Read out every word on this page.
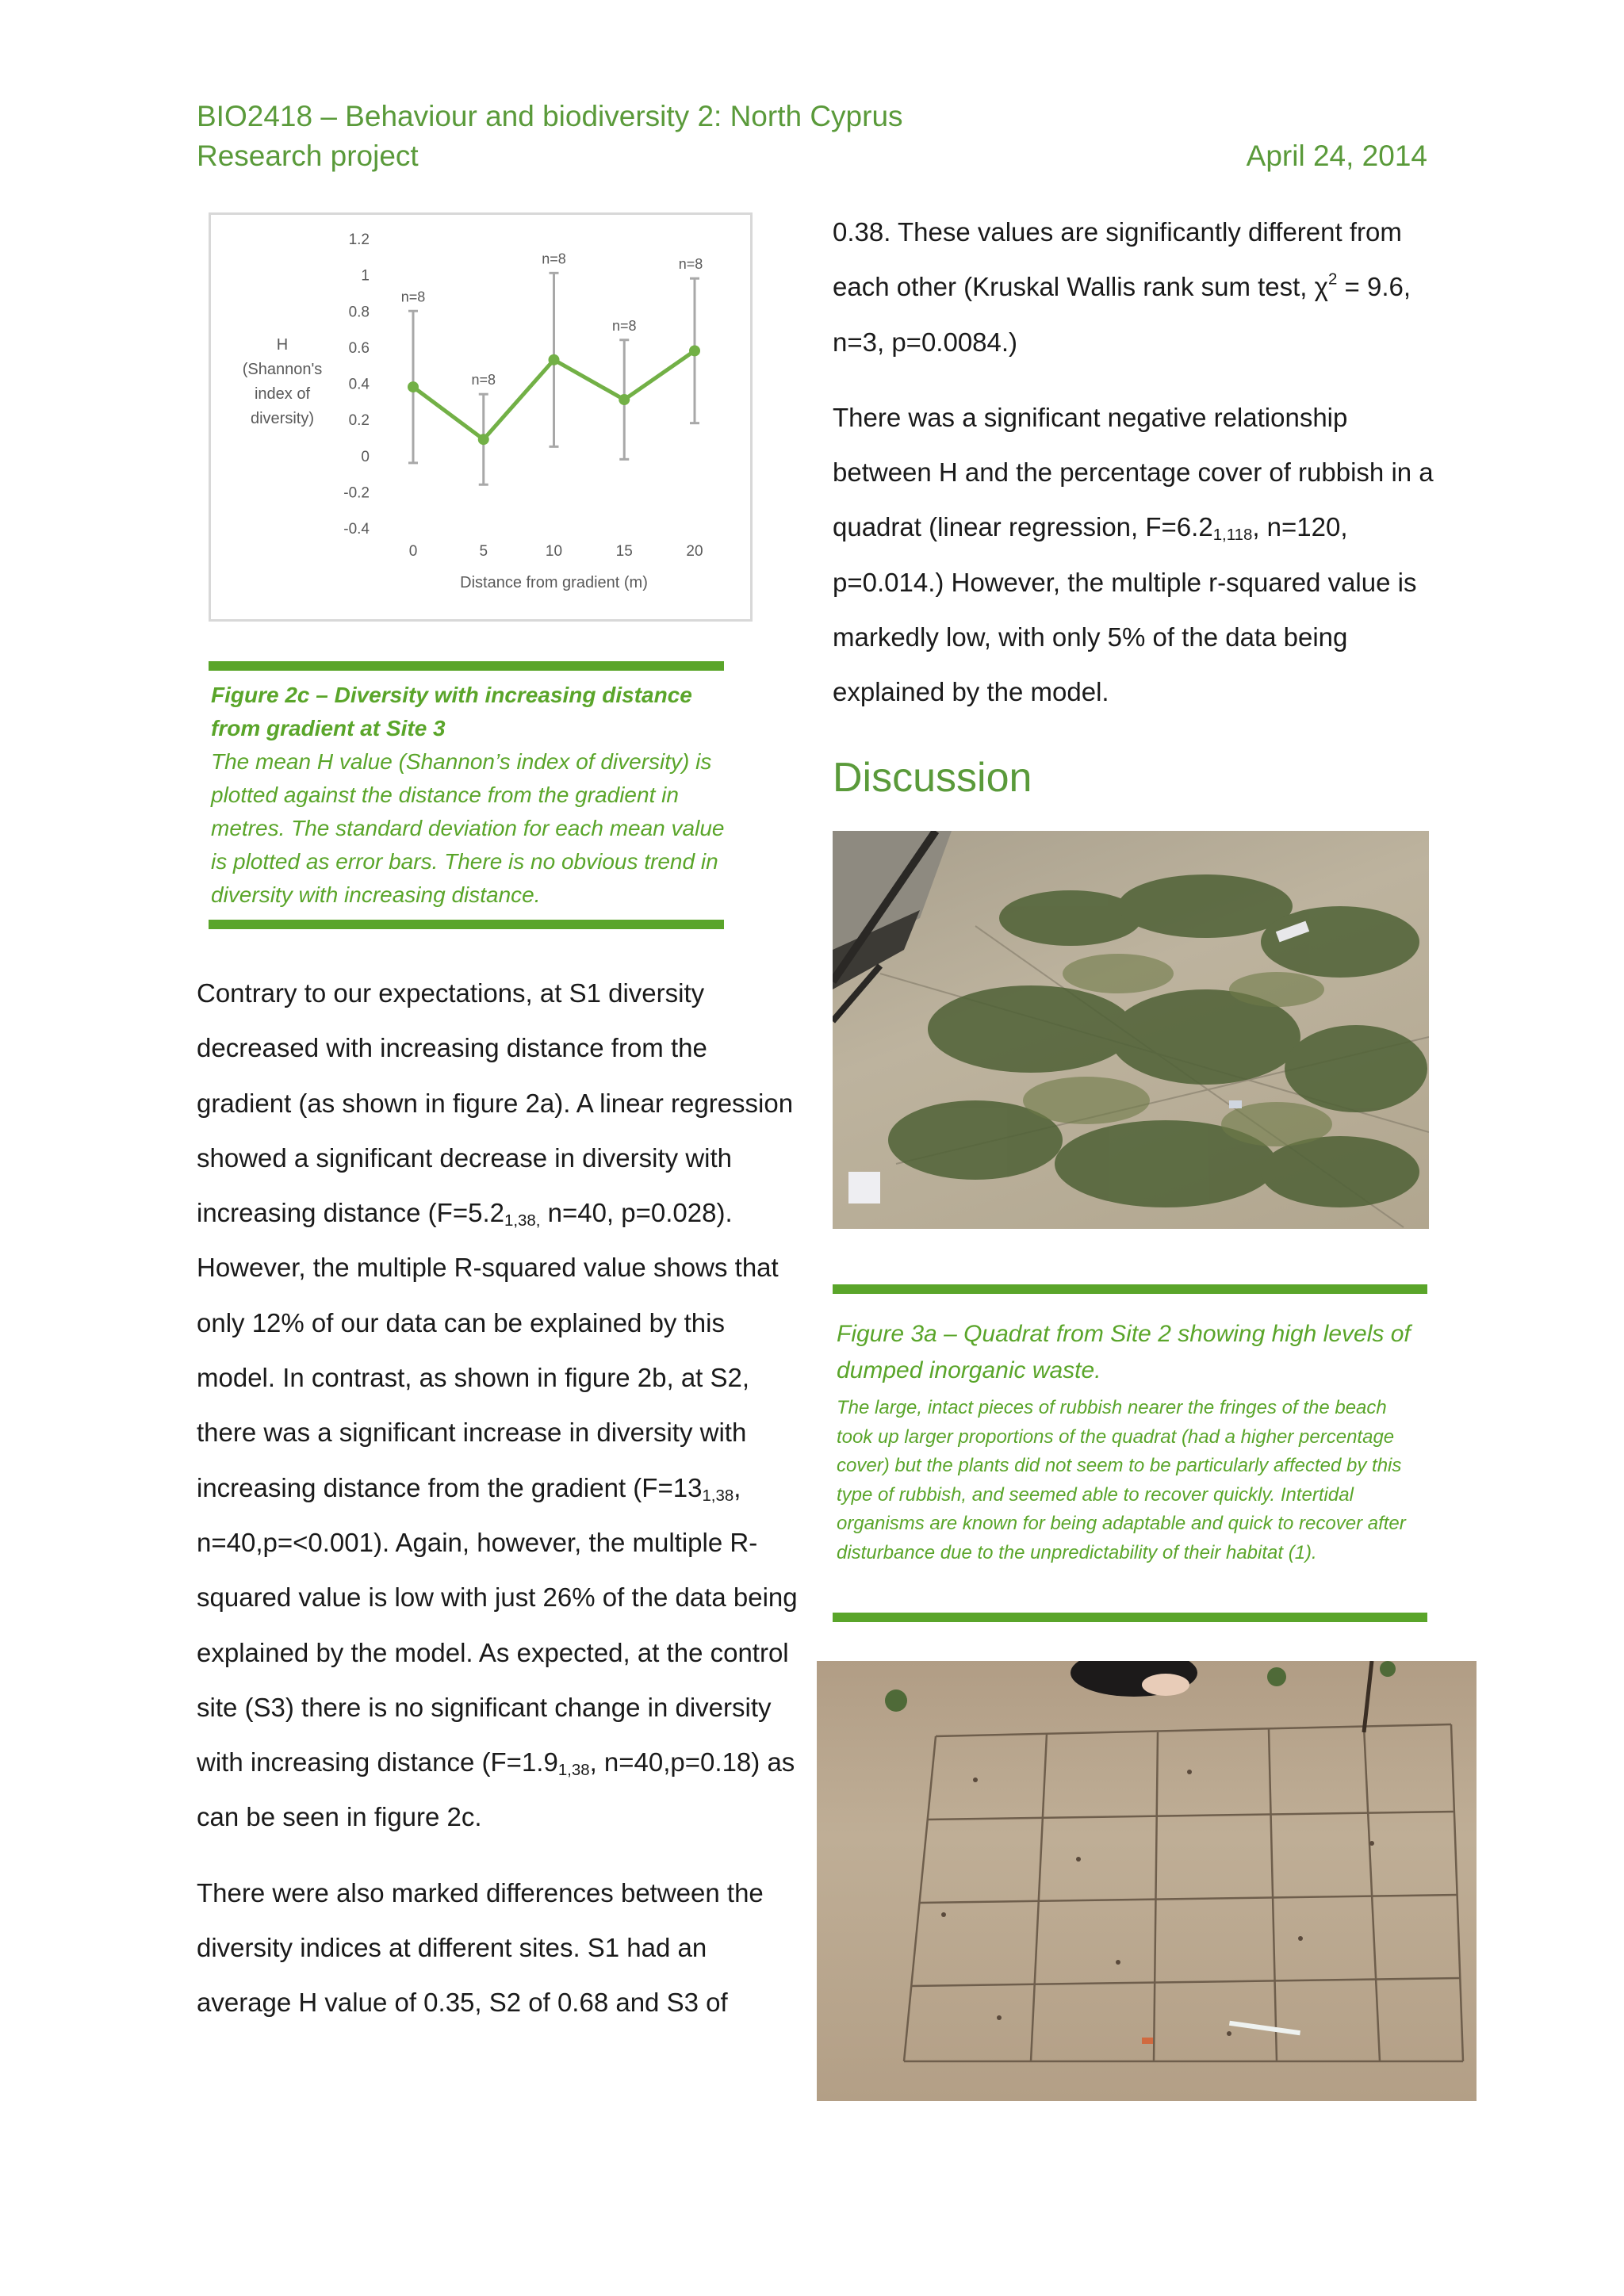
BIO2418 – Behaviour and biodiversity 2: North Cyprus
Research project	April 24, 2014
1.2
1
0.8
0.6
0.4
0.2
0
-0.2
-0.4
H
(Shannon's
index of
diversity)
0	5	10	15	20
n=8
n=8
n=8
n=8
n=8
Distance from gradient (m)
Figure 2c – Diversity with increasing distance from gradient at Site 3
The mean H value (Shannon’s index of diversity) is plotted against the distance from the gradient in metres. The standard deviation for each mean value is plotted as error bars. There is no obvious trend in diversity with increasing distance.

Contrary to our expectations, at S1 diversity decreased with increasing distance from the gradient (as shown in figure 2a). A linear regression showed a significant decrease in diversity with increasing distance ($F=5.2_{1,38,}$ n=40, p=0.028). However, the multiple R-squared value shows that only 12% of our data can be explained by this model. In contrast, as shown in figure 2b, at S2, there was a significant increase in diversity with increasing distance from the gradient ($F=13_{1,38}$, n=40,p=<0.001). Again, however, the multiple R-squared value is low with just 26% of the data being explained by the model. As expected, at the control site (S3) there is no significant change in diversity with increasing distance ($F=1.9_{1,38}$, n=40,p=0.18) as can be seen in figure 2c.

There were also marked differences between the diversity indices at different sites. S1 had an average H value of 0.35, S2 of 0.68 and S3 of

0.38. These values are significantly different from each other (Kruskal Wallis rank sum test, $\chi^2 = 9.6$, n=3, p=0.0084.)

There was a significant negative relationship between H and the percentage cover of rubbish in a quadrat (linear regression, $F=6.2_{1,118}$, n=120, p=0.014.) However, the multiple r-squared value is markedly low, with only 5% of the data being explained by the model.

Discussion
Figure 3a – Quadrat from Site 2 showing high levels of dumped inorganic waste.
The large, intact pieces of rubbish nearer the fringes of the beach took up larger proportions of the quadrat (had a higher percentage cover) but the plants did not seem to be particularly affected by this type of rubbish, and seemed able to recover quickly. Intertidal organisms are known for being adaptable and quick to recover after disturbance due to the unpredictability of their habitat (1).
